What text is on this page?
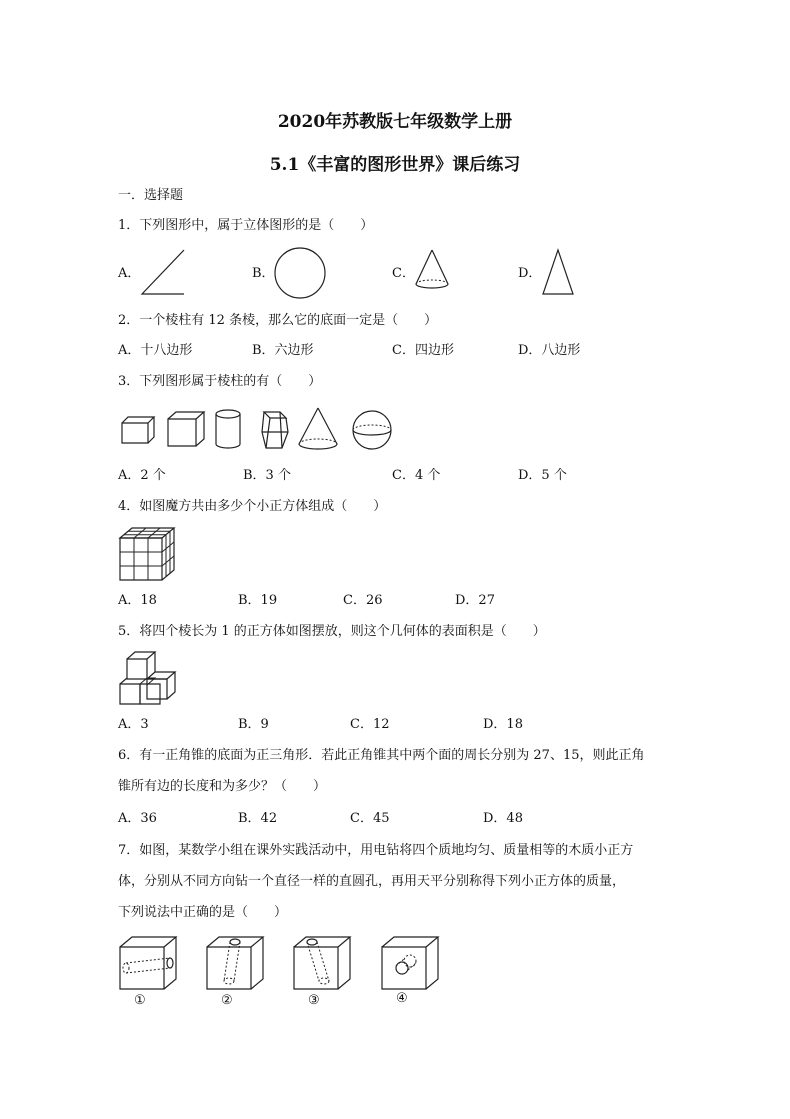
2020年苏教版七年级数学上册
5.1《丰富的图形世界》课后练习
一．选择题
1．下列图形中，属于立体图形的是（　　）
A．	B．	C．	D．
2．一个棱柱有 12 条棱，那么它的底面一定是（　　）
A．十八边形	B．六边形	C．四边形	D．八边形
3．下列图形属于棱柱的有（　　）
A．2 个	B．3 个	C．4 个	D．5 个
4．如图魔方共由多少个小正方体组成（　　）
A．18	B．19	C．26	D．27
5．将四个棱长为 1 的正方体如图摆放，则这个几何体的表面积是（　　）
A．3	B．9	C．12	D．18
6．有一正角锥的底面为正三角形．若此正角锥其中两个面的周长分别为 27、15，则此正角
锥所有边的长度和为多少？（　　）
A．36	B．42	C．45	D．48
7．如图，某数学小组在课外实践活动中，用电钻将四个质地均匀、质量相等的木质小正方
体，分别从不同方向钻一个直径一样的直圆孔，再用天平分别称得下列小正方体的质量，
下列说法中正确的是（　　）
①	②	③	④
